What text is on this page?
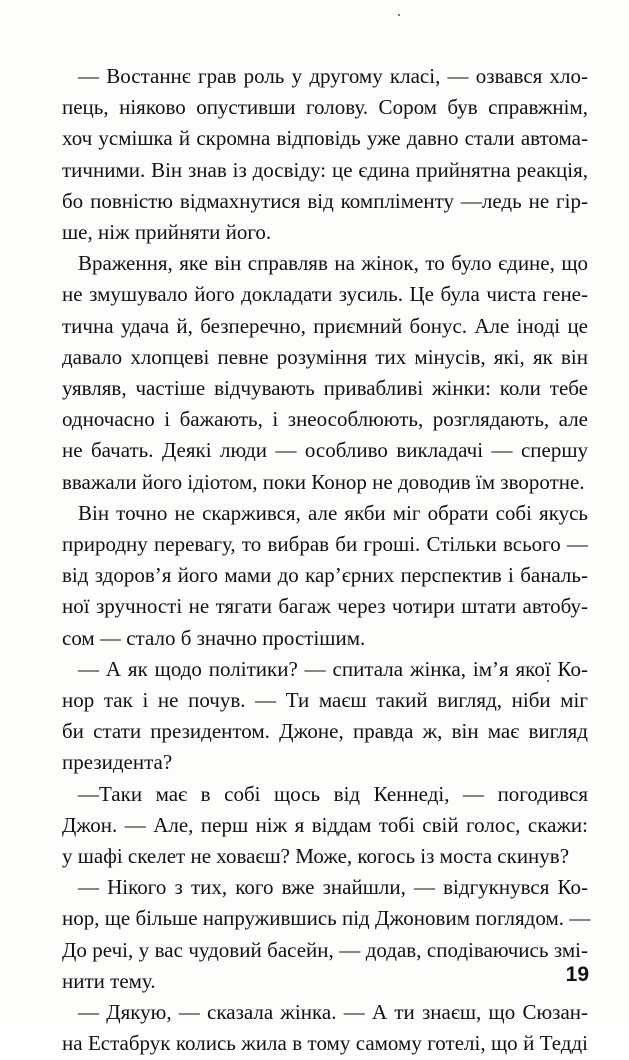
— Востаннє грав роль у другому класі, — озвався хло-
пець, ніяково опустивши голову. Сором був справжнім,
хоч усмішка й скромна відповідь уже давно стали автома-
тичними. Він знав із досвіду: це єдина прийнятна реакція,
бо повністю відмахнутися від компліменту —ледь не гір-
ше, ніж прийняти його.

Враження, яке він справляв на жінок, то було єдине, що
не змушувало його докладати зусиль. Це була чиста гене-
тична удача й, безперечно, приємний бонус. Але іноді це
давало хлопцеві певне розуміння тих мінусів, які, як він
уявляв, частіше відчувають привабливі жінки: коли тебе
одночасно і бажають, і знеособлюють, розглядають, але
не бачать. Деякі люди — особливо викладачі — спершу
вважали його ідіотом, поки Конор не доводив їм зворотне.

Він точно не скаржився, але якби міг обрати собі якусь
природну перевагу, то вибрав би гроші. Стільки всього —
від здоров’я його мами до кар’єрних перспектив і баналь-
ної зручності не тягати багаж через чотири штати автобу-
сом — стало б значно простішим.

— А як щодо політики? — спитала жінка, ім’я якої Ко-
нор так і не почув. — Ти маєш такий вигляд, ніби міг
би стати президентом. Джоне, правда ж, він має вигляд
президента?

—Таки має в собі щось від Кеннеді, — погодився
Джон. — Але, перш ніж я віддам тобі свій голос, скажи:
у шафі скелет не ховаєш? Може, когось із моста скинув?

— Нікого з тих, кого вже знайшли, — відгукнувся Ко-
нор, ще більше напружившись під Джоновим поглядом. —
До речі, у вас чудовий басейн, — додав, сподіваючись змі-
нити тему.

— Дякую, — сказала жінка. — А ти знаєш, що Сюзан-
на Естабрук колись жила в тому самому готелі, що й Тедді

19
